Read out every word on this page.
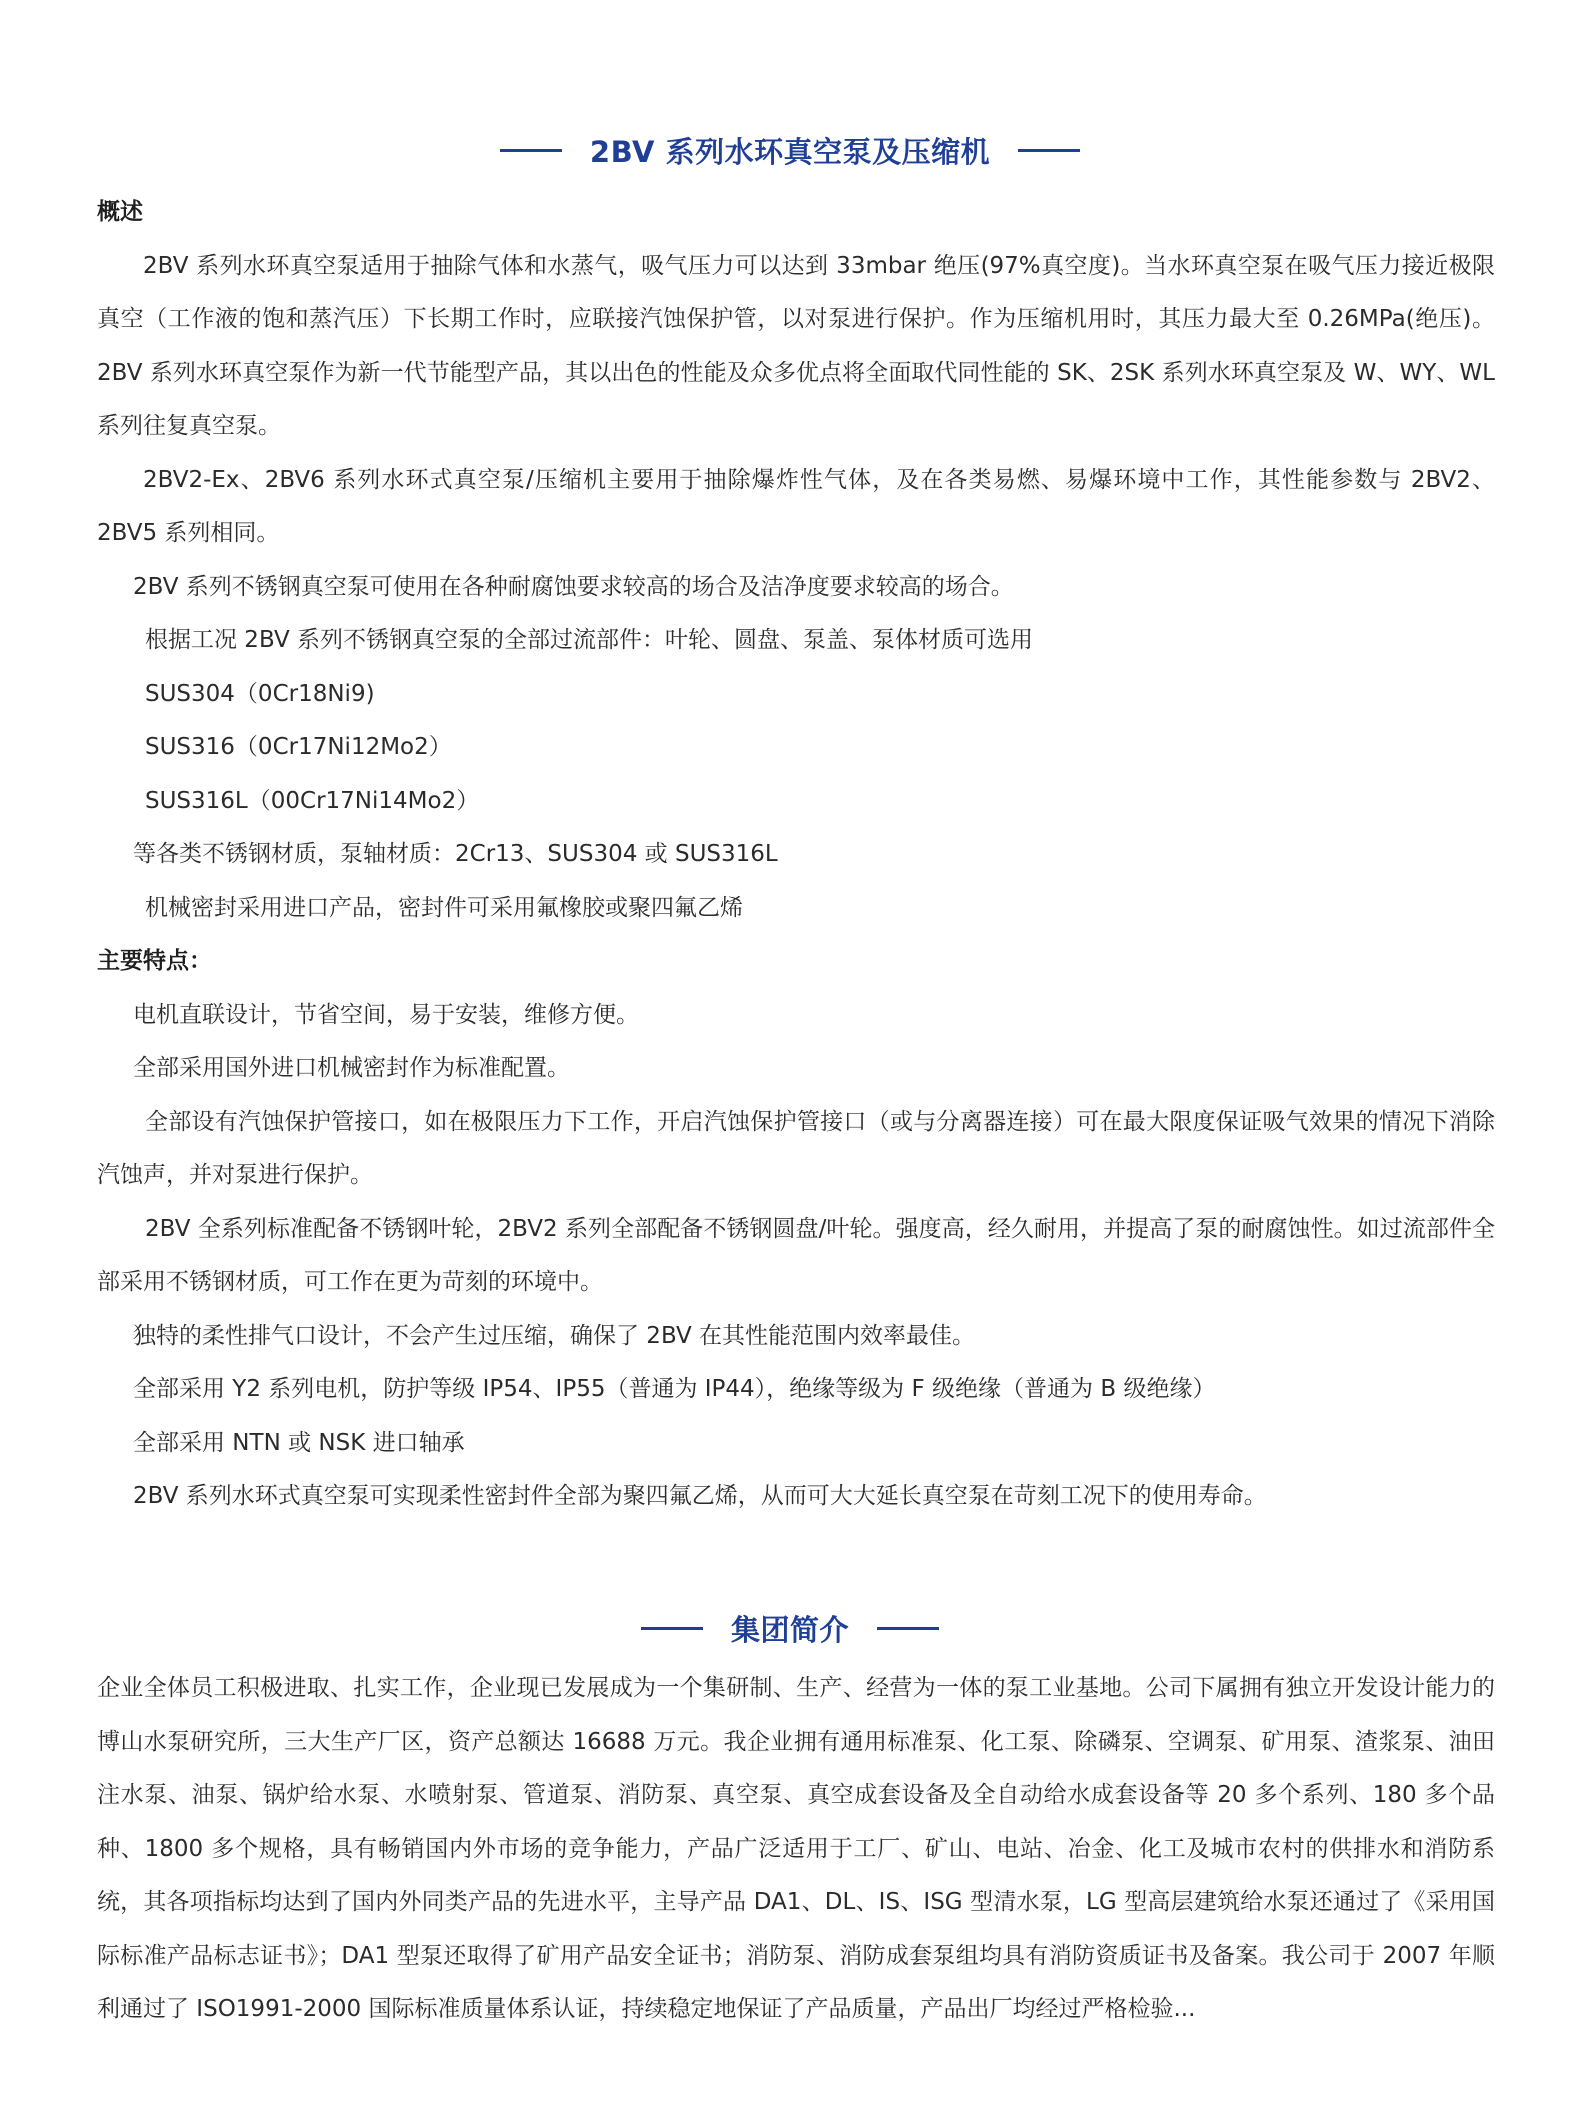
2BV 系列水环真空泵及压缩机

概述

2BV 系列水环真空泵适用于抽除气体和水蒸气，吸气压力可以达到 33mbar 绝压(97%真空度)。当水环真空泵在吸气压力接近极限真空（工作液的饱和蒸汽压）下长期工作时，应联接汽蚀保护管，以对泵进行保护。作为压缩机用时，其压力最大至 0.26MPa(绝压)。2BV 系列水环真空泵作为新一代节能型产品，其以出色的性能及众多优点将全面取代同性能的 SK、2SK 系列水环真空泵及 W、WY、WL 系列往复真空泵。

2BV2-Ex、2BV6 系列水环式真空泵/压缩机主要用于抽除爆炸性气体，及在各类易燃、易爆环境中工作，其性能参数与 2BV2、2BV5 系列相同。

2BV 系列不锈钢真空泵可使用在各种耐腐蚀要求较高的场合及洁净度要求较高的场合。

根据工况 2BV 系列不锈钢真空泵的全部过流部件：叶轮、圆盘、泵盖、泵体材质可选用

SUS304（0Cr18Ni9)

SUS316（0Cr17Ni12Mo2）

SUS316L（00Cr17Ni14Mo2）

等各类不锈钢材质，泵轴材质：2Cr13、SUS304 或 SUS316L

机械密封采用进口产品，密封件可采用氟橡胶或聚四氟乙烯

主要特点：

电机直联设计，节省空间，易于安装，维修方便。

全部采用国外进口机械密封作为标准配置。

全部设有汽蚀保护管接口，如在极限压力下工作，开启汽蚀保护管接口（或与分离器连接）可在最大限度保证吸气效果的情况下消除汽蚀声，并对泵进行保护。

2BV 全系列标准配备不锈钢叶轮，2BV2 系列全部配备不锈钢圆盘/叶轮。强度高，经久耐用，并提高了泵的耐腐蚀性。如过流部件全部采用不锈钢材质，可工作在更为苛刻的环境中。

独特的柔性排气口设计，不会产生过压缩，确保了 2BV 在其性能范围内效率最佳。

全部采用 Y2 系列电机，防护等级 IP54、IP55（普通为 IP44），绝缘等级为 F 级绝缘（普通为 B 级绝缘）

全部采用 NTN 或 NSK 进口轴承

2BV 系列水环式真空泵可实现柔性密封件全部为聚四氟乙烯，从而可大大延长真空泵在苛刻工况下的使用寿命。

集团简介

企业全体员工积极进取、扎实工作，企业现已发展成为一个集研制、生产、经营为一体的泵工业基地。公司下属拥有独立开发设计能力的博山水泵研究所，三大生产厂区，资产总额达 16688 万元。我企业拥有通用标准泵、化工泵、除磷泵、空调泵、矿用泵、渣浆泵、油田注水泵、油泵、锅炉给水泵、水喷射泵、管道泵、消防泵、真空泵、真空成套设备及全自动给水成套设备等 20 多个系列、180 多个品种、1800 多个规格，具有畅销国内外市场的竞争能力，产品广泛适用于工厂、矿山、电站、冶金、化工及城市农村的供排水和消防系统，其各项指标均达到了国内外同类产品的先进水平，主导产品 DA1、DL、IS、ISG 型清水泵，LG 型高层建筑给水泵还通过了《采用国际标准产品标志证书》；DA1 型泵还取得了矿用产品安全证书；消防泵、消防成套泵组均具有消防资质证书及备案。我公司于 2007 年顺利通过了 ISO1991-2000 国际标准质量体系认证，持续稳定地保证了产品质量，产品出厂均经过严格检验...
